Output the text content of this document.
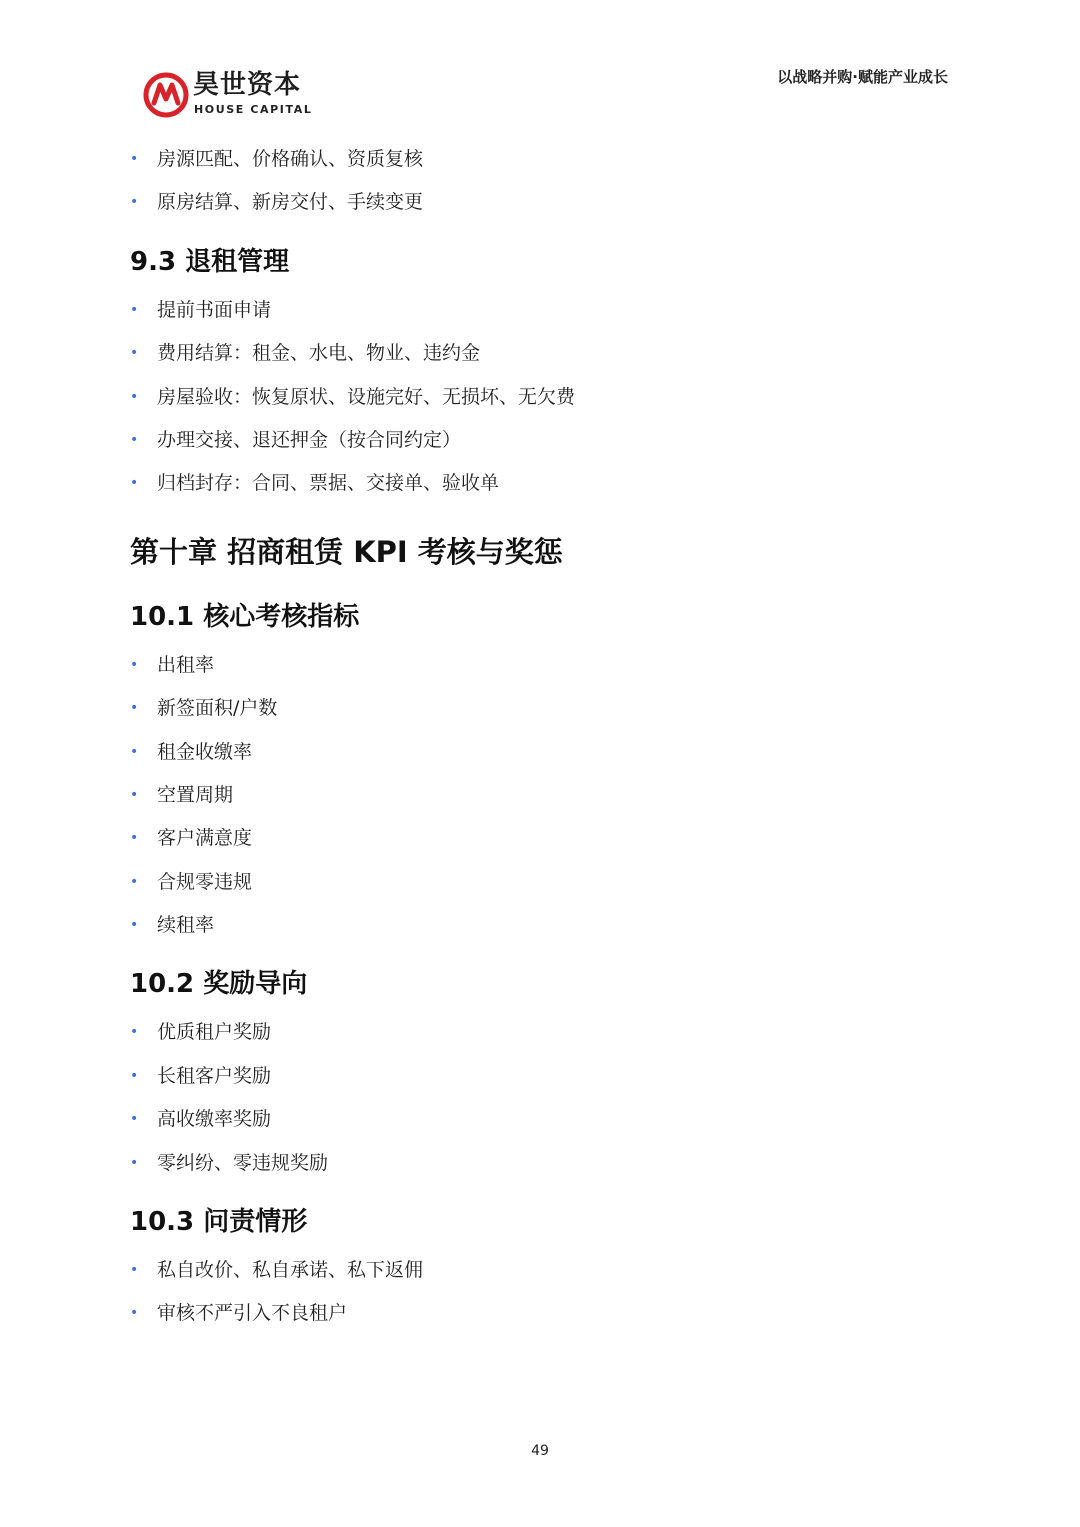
昊世资本
HOUSE CAPITAL
以战略并购·赋能产业成长
• 房源匹配、价格确认、资质复核
• 原房结算、新房交付、手续变更
9.3 退租管理
• 提前书面申请
• 费用结算：租金、水电、物业、违约金
• 房屋验收：恢复原状、设施完好、无损坏、无欠费
• 办理交接、退还押金（按合同约定）
• 归档封存：合同、票据、交接单、验收单
第十章 招商租赁 KPI 考核与奖惩
10.1 核心考核指标
• 出租率
• 新签面积/户数
• 租金收缴率
• 空置周期
• 客户满意度
• 合规零违规
• 续租率
10.2 奖励导向
• 优质租户奖励
• 长租客户奖励
• 高收缴率奖励
• 零纠纷、零违规奖励
10.3 问责情形
• 私自改价、私自承诺、私下返佣
• 审核不严引入不良租户
49
